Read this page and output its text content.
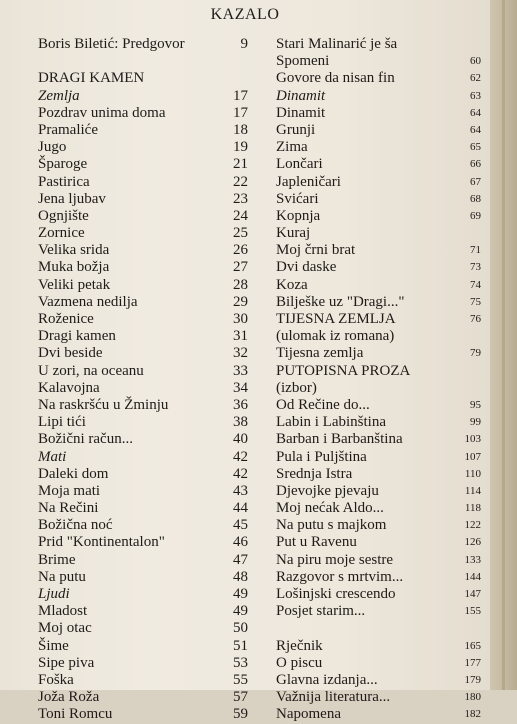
KAZALO
Boris Biletić: Predgovor	9
DRAGI KAMEN
Zemlja	17
Pozdrav unima doma	17
Pramaliće	18
Jugo	19
Šparoge	21
Pastirica	22
Jena ljubav	23
Ognjište	24
Zornice	25
Velika srida	26
Muka božja	27
Veliki petak	28
Vazmena nedilja	29
Roženice	30
Dragi kamen	31
Dvi beside	32
U zori, na oceanu	33
Kalavojna	34
Na raskršću u Žminju	36
Lipi tići	38
Božični račun...	40
Mati	42
Daleki dom	42
Moja mati	43
Na Rečini	44
Božična noć	45
Prid "Kontinentalon"	46
Brime	47
Na putu	48
Ljudi	49
Mladost	49
Moj otac	50
Šime	51
Sipe piva	53
Foška	55
Joža Roža	57
Toni Romcu	59
Stari Malinarić je ša
Spomeni	60
Govore da nisan fin	62
Dinamit	63
Dinamit	64
Grunji	64
Zima	65
Lončari	66
Japleničari	67
Svićari	68
Kopnja	69
Kuraj
Moj črni brat	71
Dvi daske	73
Koza	74
Bilješke uz "Dragi..."	75
TIJESNA ZEMLJA	76
(ulomak iz romana)
Tijesna zemlja	79
PUTOPISNA PROZA
(izbor)
Od Rečine do...	95
Labin i Labinština	99
Barban i Barbanština	103
Pula i Puljština	107
Srednja Istra	110
Djevojke pjevaju	114
Moj nećak Aldo...	118
Na putu s majkom	122
Put u Ravenu	126
Na piru moje sestre	133
Razgovor s mrtvim...	144
Lošinjski crescendo	147
Posjet starim...	155
Rječnik	165
O piscu	177
Glavna izdanja...	179
Važnija literatura...	180
Napomena	182
